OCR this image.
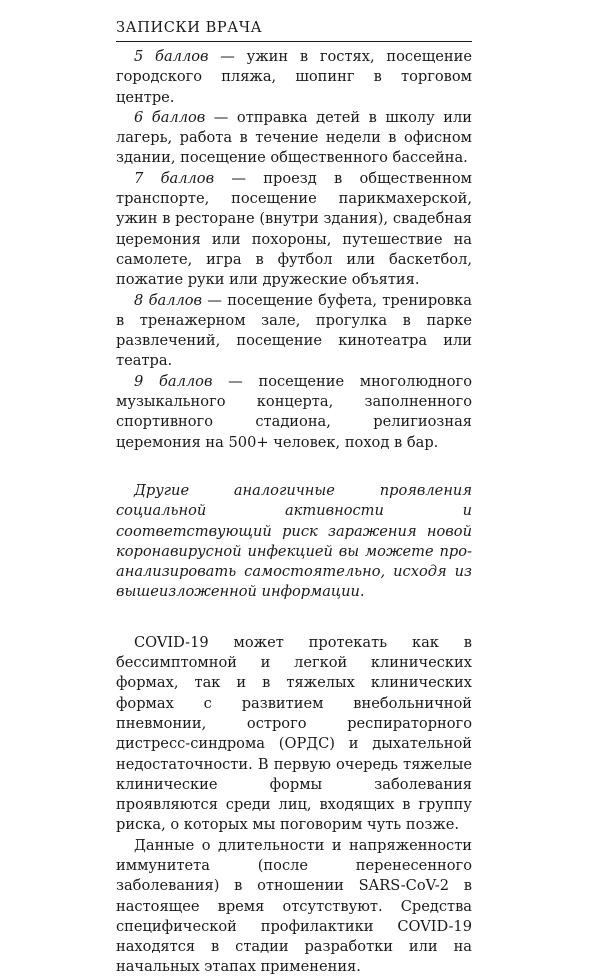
ЗАПИСКИ ВРАЧА

5 баллов — ужин в гостях, посещение городского пляжа, шопинг в торговом центре.

6 баллов — отправка детей в школу или лагерь, работа в течение недели в офисном здании, посещение общественного бассейна.

7 баллов — проезд в общественном транспорте, посещение парикмахерской, ужин в ресторане (внутри здания), свадебная церемония или похороны, путешествие на самолете, игра в футбол или баскетбол, пожатие руки или дружеские объятия.

8 баллов — посещение буфета, тренировка в тренажерном зале, прогулка в парке развлечений, посещение кинотеатра или театра.

9 баллов — посещение многолюдного музыкального концерта, заполненного спортивного стадиона, религиозная церемония на 500+ человек, поход в бар.

Другие аналогичные проявления социальной активности и соответствующий риск заражения новой коронавирусной инфекцией вы можете проанализировать самостоятельно, исходя из вышеизложенной информации.

COVID-19 может протекать как в бессимптомной и легкой клинических формах, так и в тяжелых клинических формах с развитием внебольничной пневмонии, острого респираторного дистресс-синдрома (ОРДС) и дыхательной недостаточности. В первую очередь тяжелые клинические формы заболевания проявляются среди лиц, входящих в группу риска, о которых мы поговорим чуть позже.

Данные о длительности и напряженности иммунитета (после перенесенного заболевания) в отношении SARS-CoV-2 в настоящее время отсутствуют. Средства специфической профилактики COVID-19 находятся в стадии разработки или на начальных этапах применения.
